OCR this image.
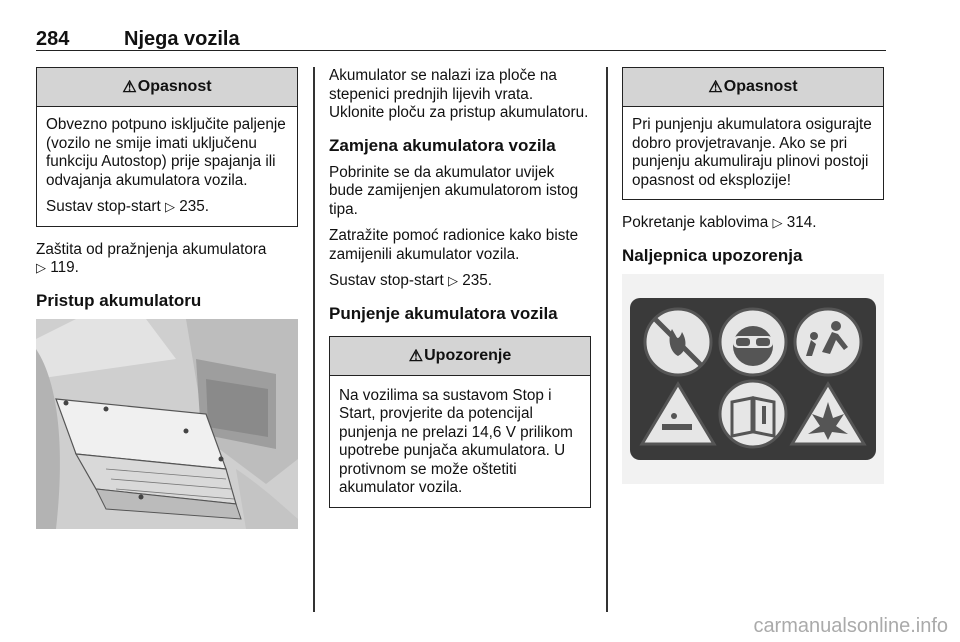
284	Njega vozila
⚠ Opasnost

Obvezno potpuno isključite paljenje (vozilo ne smije imati uključenu funkciju Autostop) prije spajanja ili odvajanja akumulatora vozila.

Sustav stop-start ▷ 235.

Zaštita od pražnjenja akumulatora
▷ 119.

Pristup akumulatoru

Akumulator se nalazi iza ploče na stepenici prednjih lijevih vrata. Uklonite ploču za pristup akumulatoru.

Zamjena akumulatora vozila

Pobrinite se da akumulator uvijek bude zamijenjen akumulatorom istog tipa.

Zatražite pomoć radionice kako biste zamijenili akumulator vozila.

Sustav stop-start ▷ 235.

Punjenje akumulatora vozila
⚠ Upozorenje

Na vozilima sa sustavom Stop i Start, provjerite da potencijal punjenja ne prelazi 14,6 V prilikom upotrebe punjača akumulatora. U protivnom se može oštetiti akumulator vozila.

⚠ Opasnost

Pri punjenju akumulatora osigurajte dobro provjetravanje. Ako se pri punjenju akumuliraju plinovi postoji opasnost od eksplozije!

Pokretanje kablovima ▷ 314.

Naljepnica upozorenja
carmanualsonline.info
